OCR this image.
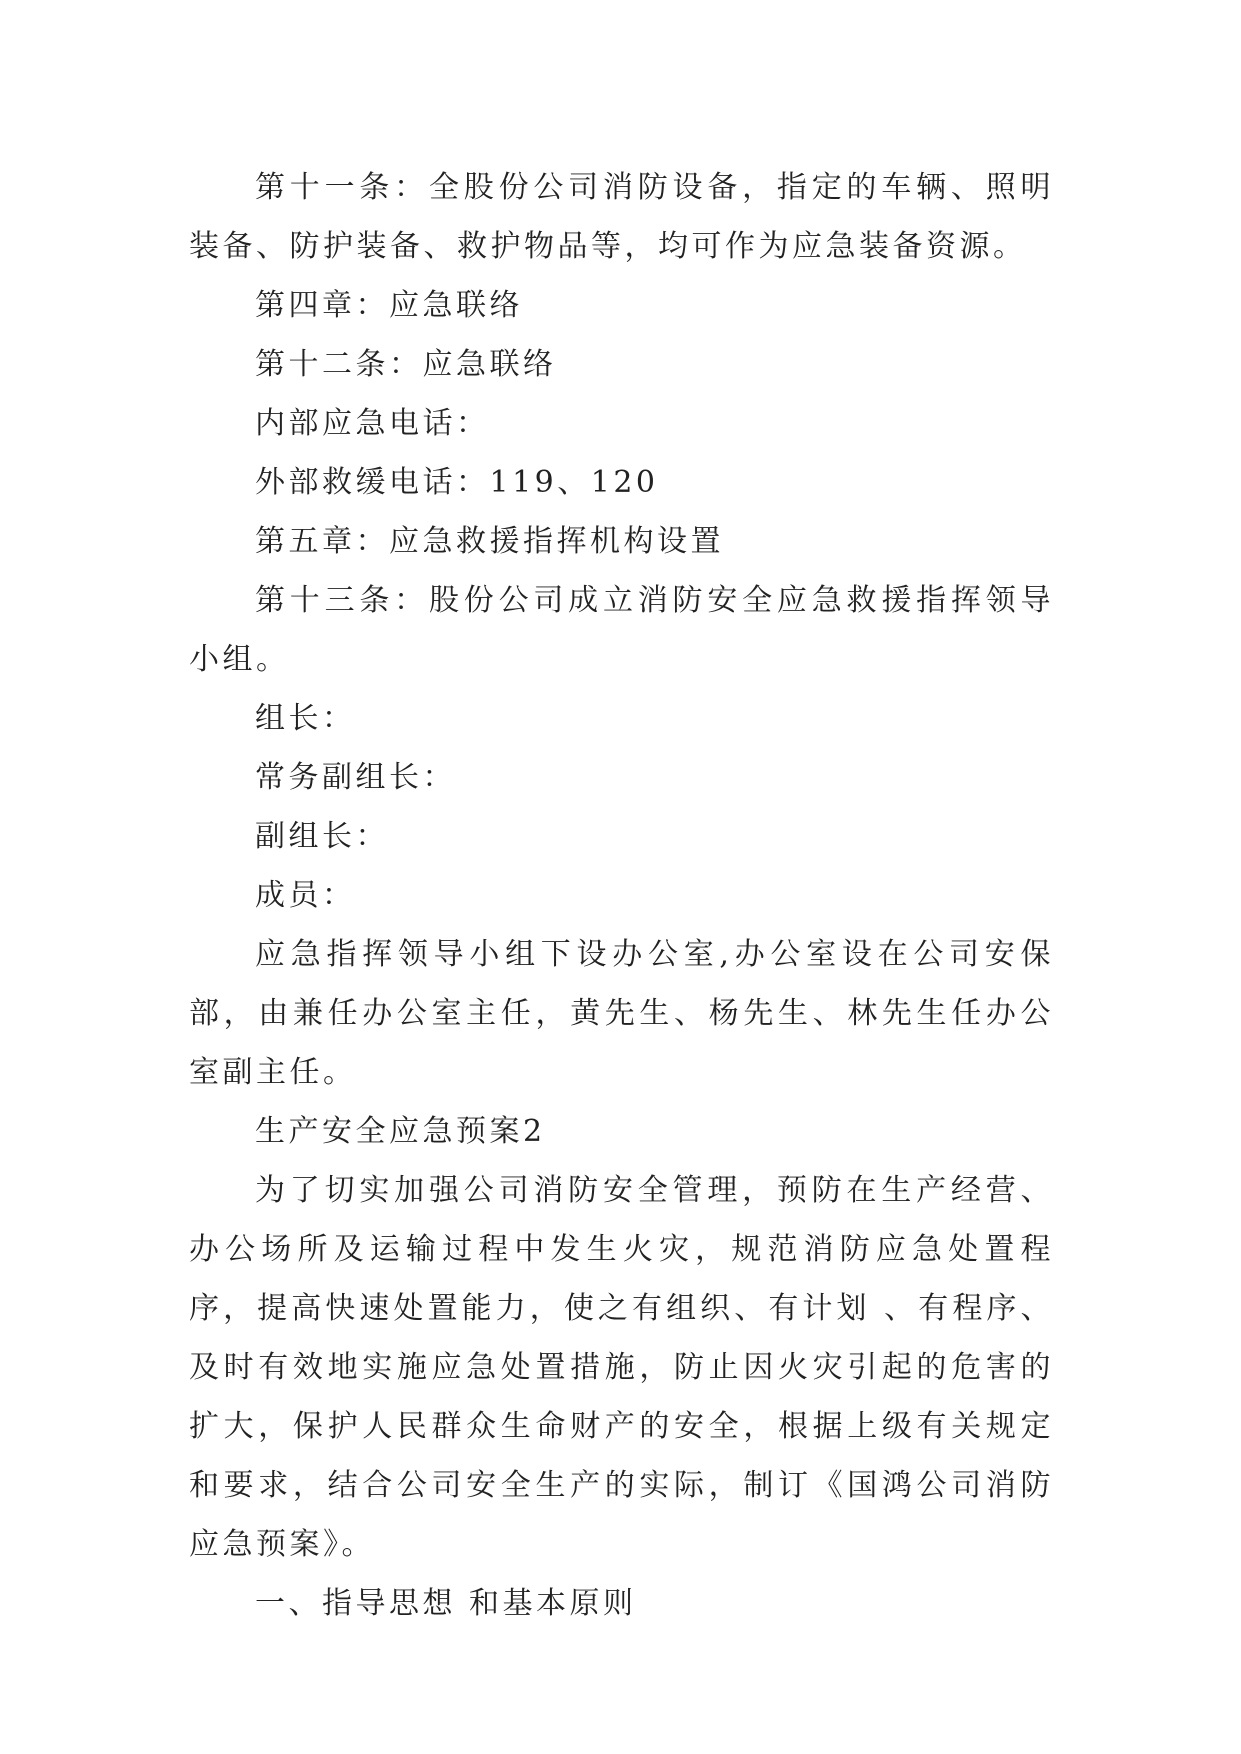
第十一条：全股份公司消防设备，指定的车辆、照明装备、防护装备、救护物品等，均可作为应急装备资源。

第四章：应急联络

第十二条：应急联络

内部应急电话：

外部救缓电话：119、120

第五章：应急救援指挥机构设置

第十三条：股份公司成立消防安全应急救援指挥领导小组。

组长：

常务副组长：

副组长：

成员：

应急指挥领导小组下设办公室,办公室设在公司安保部，由兼任办公室主任，黄先生、杨先生、林先生任办公室副主任。

生产安全应急预案2

为了切实加强公司消防安全管理，预防在生产经营、办公场所及运输过程中发生火灾，规范消防应急处置程序，提高快速处置能力，使之有组织、有计划 、有程序、及时有效地实施应急处置措施，防止因火灾引起的危害的扩大，保护人民群众生命财产的安全，根据上级有关规定和要求，结合公司安全生产的实际，制订《国鸿公司消防应急预案》。

一、指导思想 和基本原则
